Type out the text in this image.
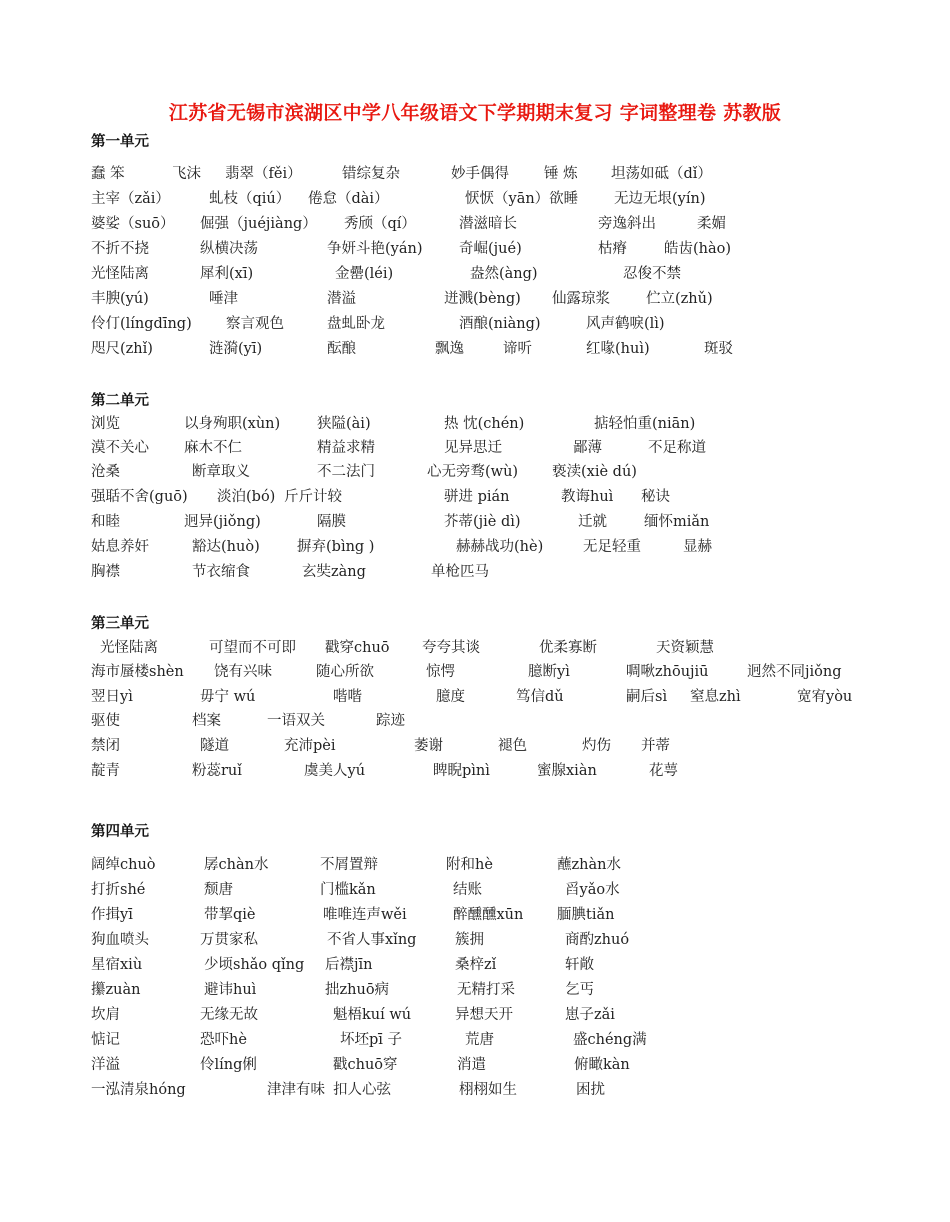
江苏省无锡市滨湖区中学八年级语文下学期期末复习 字词整理卷 苏教版
第一单元
蠢 笨	飞沫 翡翠（fěi）	错综复杂	妙手偶得 锤 炼 坦荡如砥（dǐ）
主宰（zǎi）	虬枝（qiú） 倦怠（dài）	恹恹（yān）欲睡 无边无垠(yín)
婆娑（suō） 倔强（juéjiàng） 秀颀（qí）	潜滋暗长	旁逸斜出	柔媚
不折不挠	纵横决荡	争妍斗艳(yán)	奇崛(jué)	枯瘠	皓齿(hào)
光怪陆离	犀利(xī)	金罍(léi)	盎然(àng)	忍俊不禁
丰腴(yú)	唾津	潜溢	迸溅(bèng) 仙露琼浆 伫立(zhǔ)
伶仃(língdīng) 察言观色	盘虬卧龙	酒酿(niàng)	风声鹤唳(lì)
咫尺(zhǐ)	涟漪(yī)	酝酿	飘逸	谛听	红喙(huì)	斑驳
第二单元
浏览	以身殉职(xùn)	狭隘(ài)	热 忱(chén)	掂轻怕重(niān)
漠不关心 麻木不仁	精益求精	见异思迁	鄙薄	不足称道
沧桑	断章取义	不二法门	心无旁骛(wù) 亵渎(xiè dú)
强聒不舍(guō) 淡泊(bó) 斤斤计较	骈进 pián	教诲huì 秘诀
和睦	迥异(jiǒng)	隔膜	芥蒂(jiè dì)	迁就	缅怀miǎn
姑息养奸	豁达(huò)	摒弃(bìng )	赫赫战功(hè)	无足轻重	显赫
胸襟	节衣缩食	玄奘zàng	单枪匹马
第三单元
光怪陆离	可望而不可即 戳穿chuō 夸夸其谈	优柔寡断	天资颖慧
海市蜃楼shèn 饶有兴味	随心所欲	惊愕	臆断yì	啁啾zhōujiū	迥然不同jiǒng
翌日yì	毋宁 wú	喈喈	臆度	笃信dǔ	嗣后sì 窒息zhì	宽宥yòu
驱使	档案	一语双关	踪迹
禁闭	隧道	充沛pèi	萎谢	褪色	灼伤 并蒂
靛青	粉蕊ruǐ	虞美人yú	睥睨pìnì	蜜腺xiàn	花萼
第四单元
阔绰chuò	孱chàn水	不屑置辩	附和hè	蘸zhàn水
打折shé	颓唐	门槛kǎn	结账	舀yǎo水
作揖yī	带挈qiè	唯唯连声wěi	醉醺醺xūn 腼腆tiǎn
狗血喷头	万贯家私	不省人事xǐng	簇拥	商酌zhuó
星宿xiù	少顷shǎo qǐng 后襟jīn	桑梓zǐ	轩敞
攥zuàn	避讳huì	拙zhuō病	无精打采	乞丐
坎肩	无缘无故	魁梧kuí wú	异想天开	崽子zǎi
惦记	恐吓hè	坏坯pī 子	荒唐	盛chéng满
洋溢	伶líng俐	戳chuō穿	消遣	俯瞰kàn
一泓清泉hóng	津津有味 扣人心弦	栩栩如生	困扰
